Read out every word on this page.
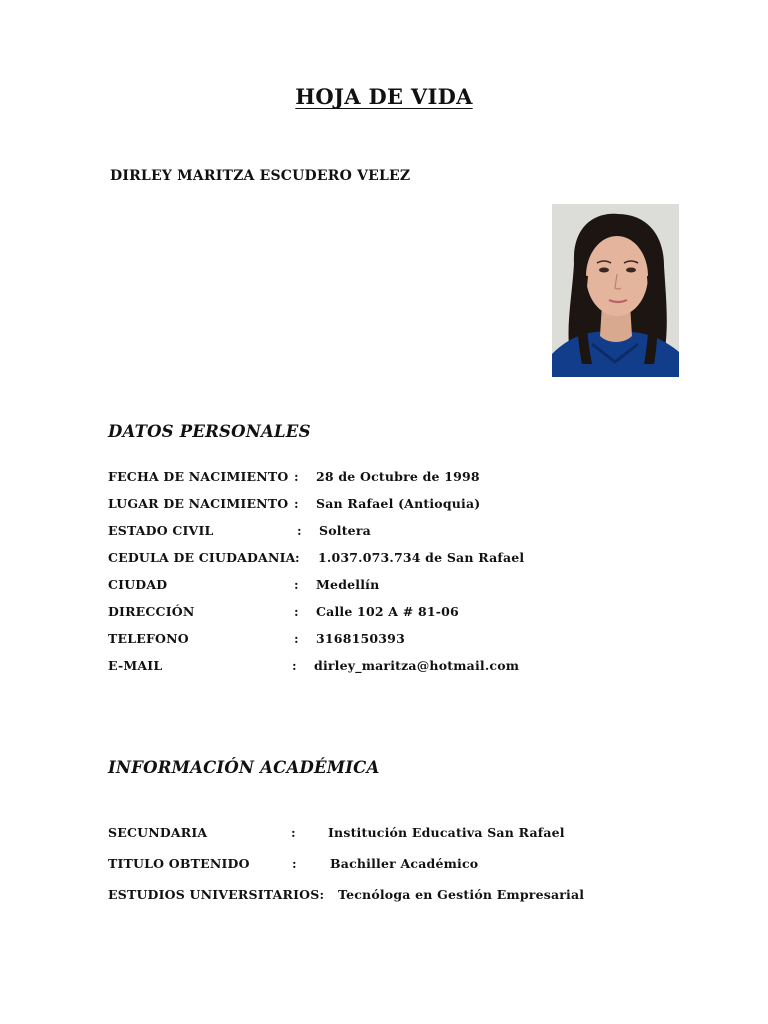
HOJA DE VIDA
DIRLEY MARITZA ESCUDERO VELEZ
DATOS PERSONALES
FECHA DE NACIMIENTO : 28 de Octubre de 1998
LUGAR DE NACIMIENTO : San Rafael (Antioquia)
ESTADO CIVIL	: Soltera
CEDULA DE CIUDADANIA : 1.037.073.734 de San Rafael
CIUDAD	: Medellín
DIRECCIÓN	: Calle 102 A # 81-06
TELEFONO	: 3168150393
E-MAIL	: dirley_maritza@hotmail.com
INFORMACIÓN ACADÉMICA
SECUNDARIA	:	Institución Educativa San Rafael
TITULO OBTENIDO	:	Bachiller Académico
ESTUDIOS UNIVERSITARIOS: Tecnóloga en Gestión Empresarial
